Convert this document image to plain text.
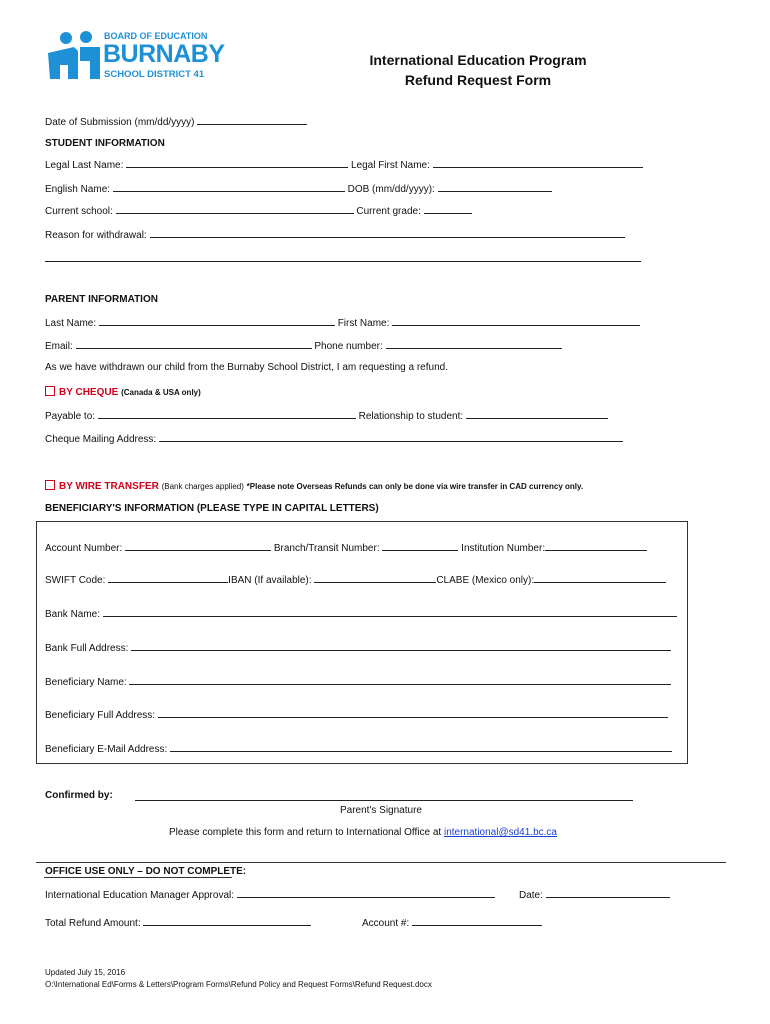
BOARD OF EDUCATION
BURNABY
SCHOOL DISTRICT 41
International Education Program
Refund Request Form
Date of Submission (mm/dd/yyyy)
STUDENT INFORMATION
Legal Last Name:	Legal First Name:
English Name:	DOB (mm/dd/yyyy):
Current school:	Current grade:
Reason for withdrawal:
PARENT INFORMATION
Last Name:	First Name:
Email:	Phone number:
As we have withdrawn our child from the Burnaby School District, I am requesting a refund.
BY CHEQUE (Canada & USA only)
Payable to:	Relationship to student:
Cheque Mailing Address:
BY WIRE TRANSFER (Bank charges applied) *Please note Overseas Refunds can only be done via wire transfer in CAD currency only.
BENEFICIARY'S INFORMATION (PLEASE TYPE IN CAPITAL LETTERS)
Account Number:	Branch/Transit Number:	Institution Number:
SWIFT Code:	IBAN (If available):	CLABE (Mexico only):
Bank Name:
Bank Full Address:
Beneficiary Name:
Beneficiary Full Address:
Beneficiary E-Mail Address:
Confirmed by:
Parent's Signature
Please complete this form and return to International Office at international@sd41.bc.ca
OFFICE USE ONLY – DO NOT COMPLETE:
International Education Manager Approval:	Date:
Total Refund Amount:	Account #:
Updated July 15, 2016
O:\International Ed\Forms & Letters\Program Forms\Refund Policy and Request Forms\Refund Request.docx
